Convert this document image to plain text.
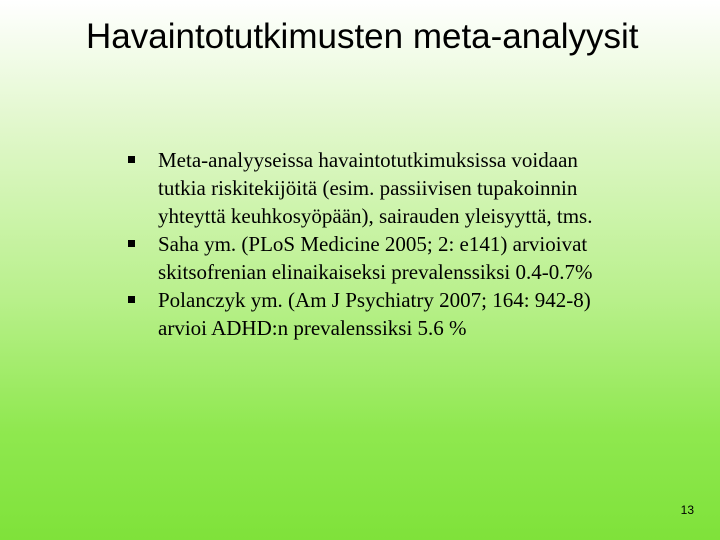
Havaintotutkimusten meta-analyysit
Meta-analyyseissa havaintotutkimuksissa voidaan tutkia riskitekijöitä (esim. passiivisen tupakoinnin yhteyttä keuhkosyöpään), sairauden yleisyyttä, tms.
Saha ym. (PLoS Medicine 2005; 2: e141) arvioivat skitsofrenian elinaikaiseksi prevalenssiksi 0.4-0.7%
Polanczyk ym. (Am J Psychiatry 2007; 164: 942-8) arvioi ADHD:n prevalenssiksi 5.6 %
13
